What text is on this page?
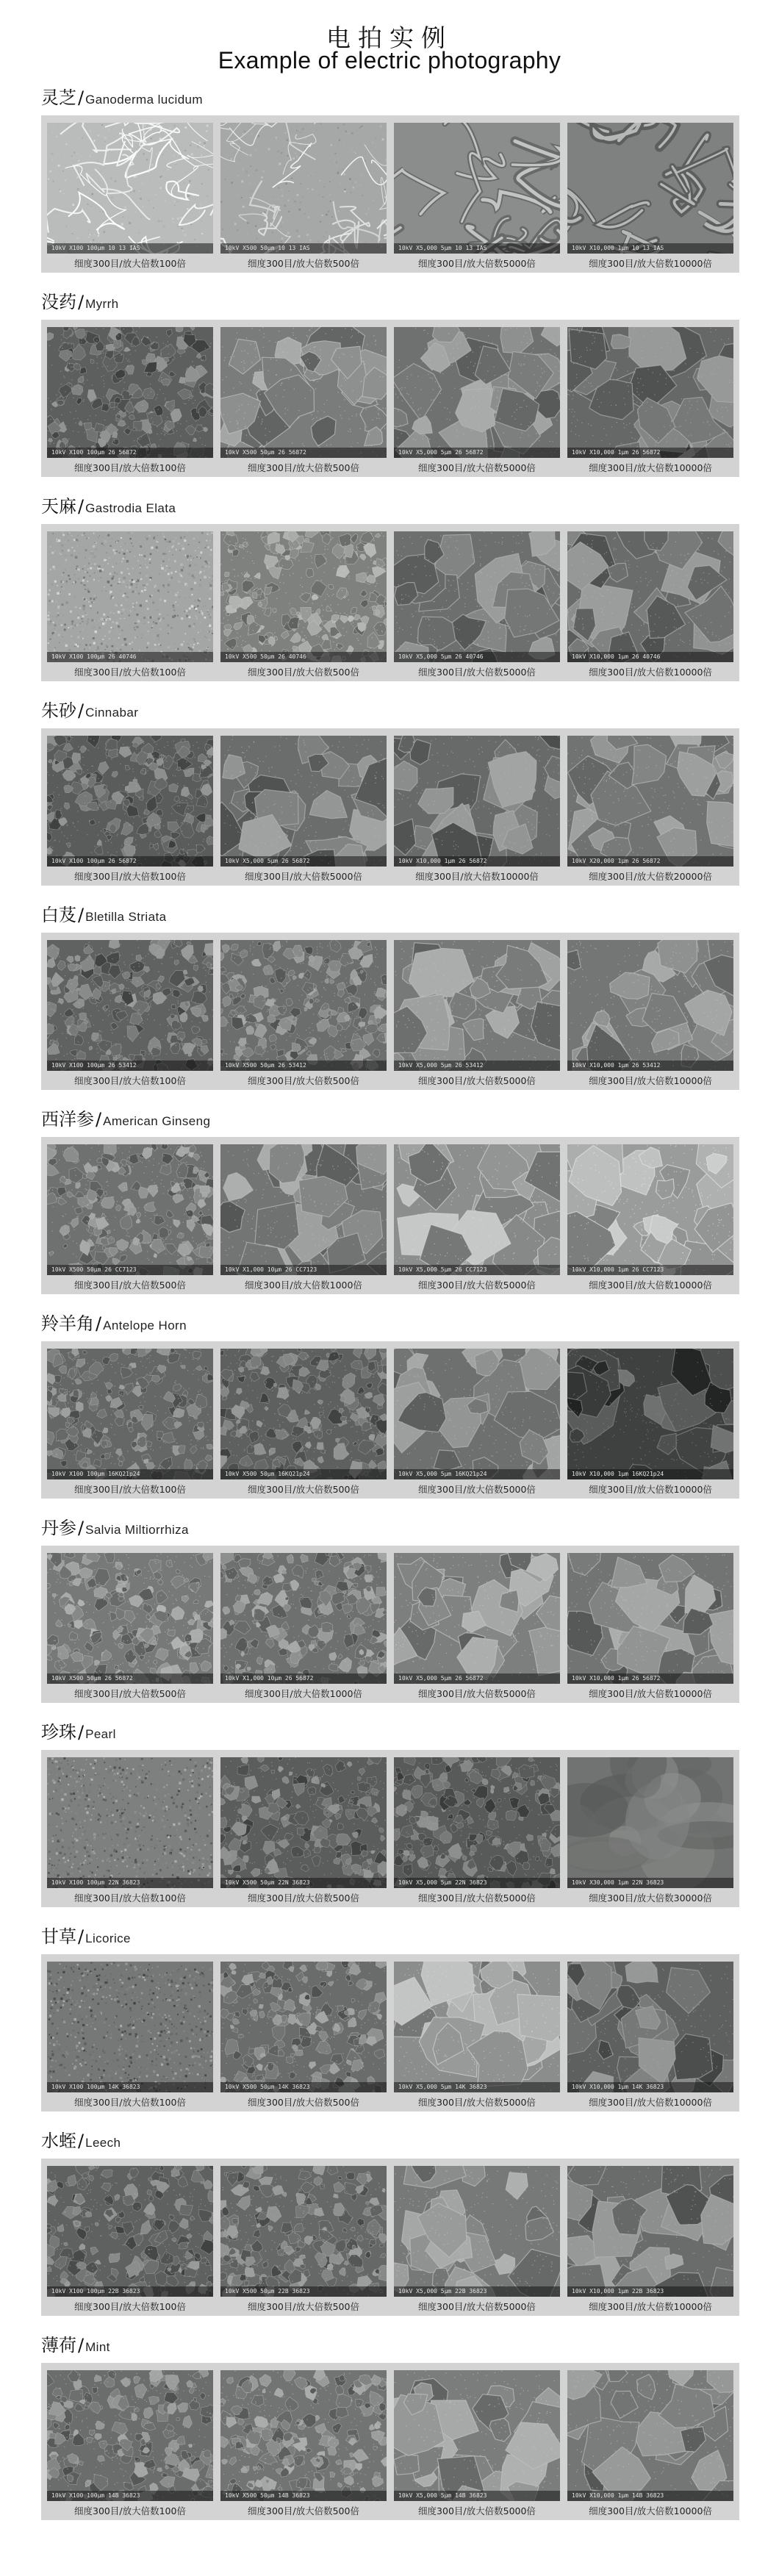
电拍实例
Example of electric photography
灵芝/ Ganoderma lucidum
10kV X100 100μm 10 13 IAS
细度300目/放大倍数100倍
10kV X500 50μm 10 13 IAS
细度300目/放大倍数500倍
10kV X5,000 5μm 10 13 IAS
细度300目/放大倍数5000倍
10kV X10,000 1μm 10 13 IAS
细度300目/放大倍数10000倍
没药/ Myrrh
10kV X100 100μm 26 56872
细度300目/放大倍数100倍
10kV X500 50μm 26 56872
细度300目/放大倍数500倍
10kV X5,000 5μm 26 56872
细度300目/放大倍数5000倍
10kV X10,000 1μm 26 56872
细度300目/放大倍数10000倍
天麻/ Gastrodia Elata
10kV X100 100μm 26 40746
细度300目/放大倍数100倍
10kV X500 50μm 26 40746
细度300目/放大倍数500倍
10kV X5,000 5μm 26 40746
细度300目/放大倍数5000倍
10kV X10,000 1μm 26 40746
细度300目/放大倍数10000倍
朱砂/ Cinnabar
10kV X100 100μm 26 56872
细度300目/放大倍数100倍
10kV X5,000 5μm 26 56872
细度300目/放大倍数5000倍
10kV X10,000 1μm 26 56872
细度300目/放大倍数10000倍
10kV X20,000 1μm 26 56872
细度300目/放大倍数20000倍
白芨/ Bletilla Striata
10kV X100 100μm 26 53412
细度300目/放大倍数100倍
10kV X500 50μm 26 53412
细度300目/放大倍数500倍
10kV X5,000 5μm 26 53412
细度300目/放大倍数5000倍
10kV X10,000 1μm 26 53412
细度300目/放大倍数10000倍
西洋参/ American Ginseng
10kV X500 50μm 26 CC7123
细度300目/放大倍数500倍
10kV X1,000 10μm 26 CC7123
细度300目/放大倍数1000倍
10kV X5,000 5μm 26 CC7123
细度300目/放大倍数5000倍
10kV X10,000 1μm 26 CC7123
细度300目/放大倍数10000倍
羚羊角/ Antelope Horn
10kV X100 100μm 16KQ21p24
细度300目/放大倍数100倍
10kV X500 50μm 16KQ21p24
细度300目/放大倍数500倍
10kV X5,000 5μm 16KQ21p24
细度300目/放大倍数5000倍
10kV X10,000 1μm 16KQ21p24
细度300目/放大倍数10000倍
丹参/ Salvia Miltiorrhiza
10kV X500 50μm 26 56872
细度300目/放大倍数500倍
10kV X1,000 10μm 26 56872
细度300目/放大倍数1000倍
10kV X5,000 5μm 26 56872
细度300目/放大倍数5000倍
10kV X10,000 1μm 26 56872
细度300目/放大倍数10000倍
珍珠/ Pearl
10kV X100 100μm 22N 36823
细度300目/放大倍数100倍
10kV X500 50μm 22N 36823
细度300目/放大倍数500倍
10kV X5,000 5μm 22N 36823
细度300目/放大倍数5000倍
10kV X30,000 1μm 22N 36823
细度300目/放大倍数30000倍
甘草/ Licorice
10kV X100 100μm 14K 36823
细度300目/放大倍数100倍
10kV X500 50μm 14K 36823
细度300目/放大倍数500倍
10kV X5,000 5μm 14K 36823
细度300目/放大倍数5000倍
10kV X10,000 1μm 14K 36823
细度300目/放大倍数10000倍
水蛭/ Leech
10kV X100 100μm 22B 36823
细度300目/放大倍数100倍
10kV X500 50μm 22B 36823
细度300目/放大倍数500倍
10kV X5,000 5μm 22B 36823
细度300目/放大倍数5000倍
10kV X10,000 1μm 22B 36823
细度300目/放大倍数10000倍
薄荷/ Mint
10kV X100 100μm 14B 36823
细度300目/放大倍数100倍
10kV X500 50μm 14B 36823
细度300目/放大倍数500倍
10kV X5,000 5μm 14B 36823
细度300目/放大倍数5000倍
10kV X10,000 1μm 14B 36823
细度300目/放大倍数10000倍
